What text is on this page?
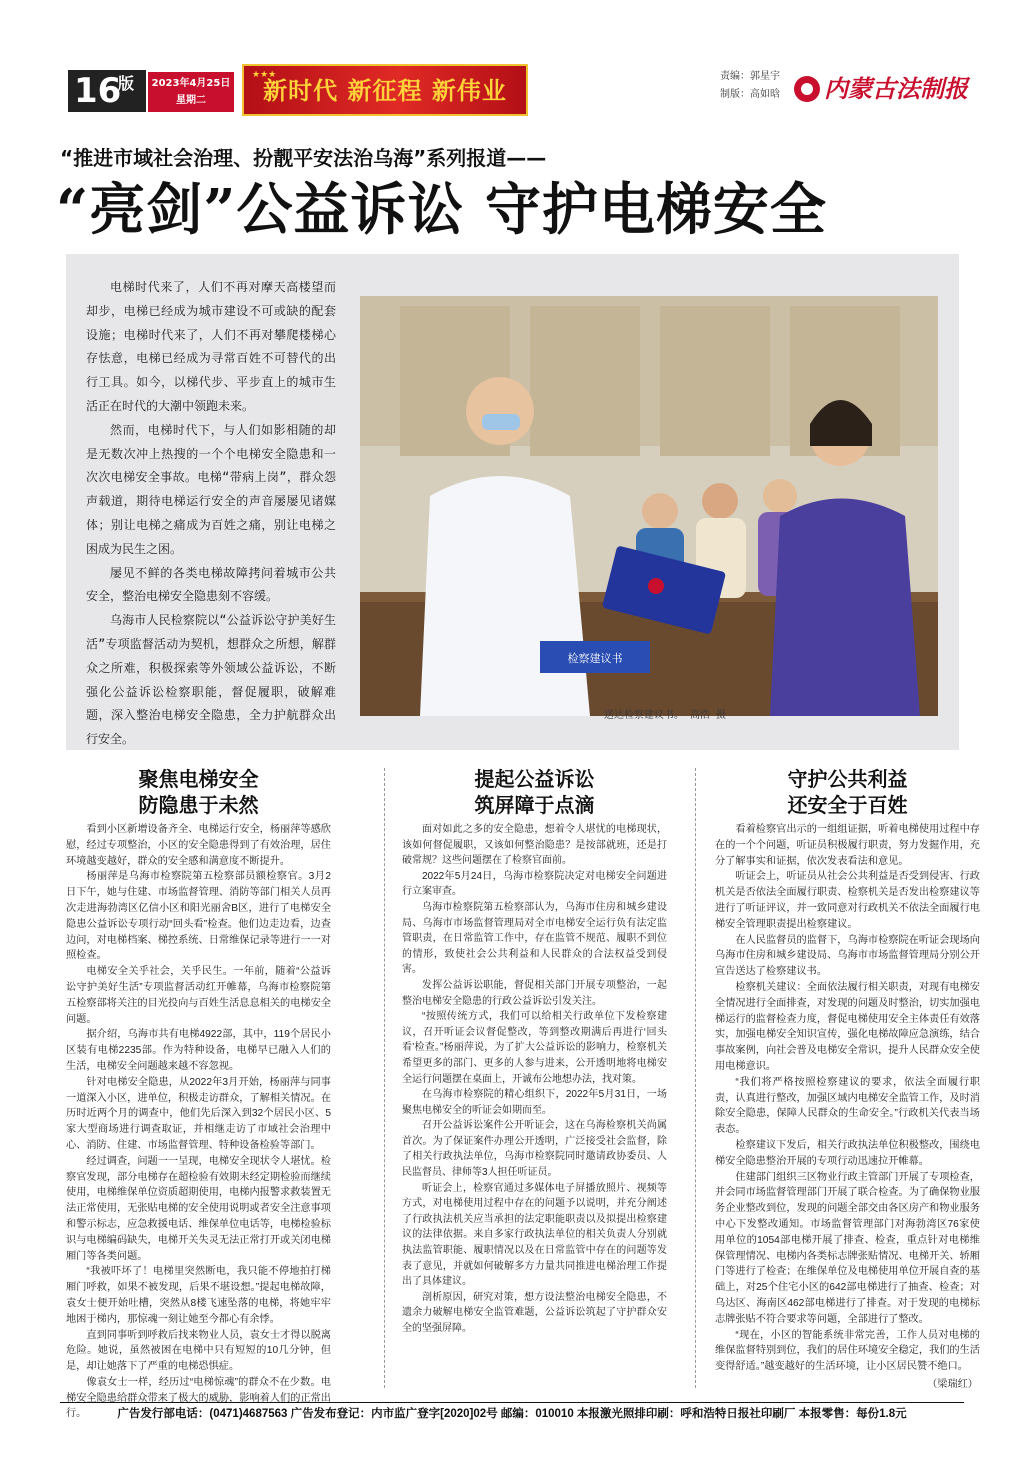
16
版	2023年4月25日
星期二
★★★
新时代 新征程 新伟业	责编：郭星宇
制版：高如晗 内蒙古法制报
“推进市域社会治理、扮靓平安法治乌海”系列报道——
“亮剑”公益诉讼 守护电梯安全

电梯时代来了，人们不再对摩天高楼望而却步，电梯已经成为城市建设不可或缺的配套设施；电梯时代来了，人们不再对攀爬楼梯心存怯意，电梯已经成为寻常百姓不可替代的出行工具。如今，以梯代步、平步直上的城市生活正在时代的大潮中领跑未来。

然而，电梯时代下，与人们如影相随的却是无数次冲上热搜的一个个电梯安全隐患和一次次电梯安全事故。电梯“带病上岗”，群众怨声载道，期待电梯运行安全的声音屡屡见诸媒体；别让电梯之痛成为百姓之痛，别让电梯之困成为民生之困。

屡见不鲜的各类电梯故障拷问着城市公共安全，整治电梯安全隐患刻不容缓。

乌海市人民检察院以“公益诉讼守护美好生活”专项监督活动为契机，想群众之所想，解群众之所难，积极探索等外领域公益诉讼，不断强化公益诉讼检察职能，督促履职，破解难题，深入整治电梯安全隐患，全力护航群众出行安全。

检察建议书
送达检察建议书。 高浩 摄
聚焦电梯安全
防隐患于未然

看到小区新增设备齐全、电梯运行安全，杨丽萍等感欣慰，经过专项整治，小区的安全隐患得到了有效治理，居住环境越变越好，群众的安全感和满意度不断提升。

杨丽萍是乌海市检察院第五检察部员额检察官。3月2日下午，她与住建、市场监督管理、消防等部门相关人员再次走进海勃湾区亿信小区和阳光丽舍B区，进行了电梯安全隐患公益诉讼专项行动“回头看”检查。他们边走边看，边查边问，对电梯档案、梯控系统、日常维保记录等进行一一对照检查。

电梯安全关乎社会，关乎民生。一年前，随着“公益诉讼守护美好生活”专项监督活动红开帷幕，乌海市检察院第五检察部将关注的目光投向与百姓生活息息相关的电梯安全问题。

据介绍，乌海市共有电梯4922部，其中，119个居民小区装有电梯2235部。作为特种设备，电梯早已融入人们的生活，电梯安全问题越来越不容忽视。

针对电梯安全隐患，从2022年3月开始，杨丽萍与同事一道深入小区，进单位，积极走访群众，了解相关情况。在历时近两个月的调查中，他们先后深入到32个居民小区、5家大型商场进行调查取证，并相继走访了市域社会治理中心、消防、住建、市场监督管理、特种设备检验等部门。

经过调查，问题一一呈现，电梯安全现状令人堪忧。检察官发现，部分电梯存在超检验有效期未经定期检验而继续使用，电梯维保单位资质超期使用，电梯内报警求救装置无法正常使用，无张贴电梯的安全使用说明或者安全注意事项和警示标志，应急救援电话、维保单位电话等，电梯检验标识与电梯编码缺失，电梯开关失灵无法正常打开或关闭电梯厢门等各类问题。

“我被吓坏了！电梯里突然断电，我只能不停地拍打梯厢门呼救，如果不被发现，后果不堪设想。”提起电梯故障，袁女士便开始吐槽，突然从8楼飞速坠落的电梯，将她牢牢地困于梯内，那惊魂一刻让她至今都心有余悸。

直到同事听到呼救后找来物业人员，袁女士才得以脱离危险。她说，虽然被困在电梯中只有短短的10几分钟，但是，却让她落下了严重的电梯恐惧症。

像袁女士一样，经历过“电梯惊魂”的群众不在少数。电梯安全隐患给群众带来了极大的威胁，影响着人们的正常出行。

提起公益诉讼
筑屏障于点滴

面对如此之多的安全隐患，想着令人堪忧的电梯现状，该如何督促履职，又该如何整治隐患？是按部就班，还是打破常规？这些问题摆在了检察官面前。

2022年5月24日，乌海市检察院决定对电梯安全问题进行立案审查。

乌海市检察院第五检察部认为，乌海市住房和城乡建设局、乌海市市场监督管理局对全市电梯安全运行负有法定监管职责，在日常监管工作中，存在监管不规范、履职不到位的情形，致使社会公共利益和人民群众的合法权益受到侵害。

发挥公益诉讼职能，督促相关部门开展专项整治，一起整治电梯安全隐患的行政公益诉讼引发关注。

“按照传统方式，我们可以给相关行政单位下发检察建议，召开听证会议督促整改，等到整改期满后再进行‘回头看’检查。”杨丽萍说，为了扩大公益诉讼的影响力，检察机关希望更多的部门、更多的人参与进来，公开透明地将电梯安全运行问题摆在桌面上，开诚布公地想办法，找对策。

在乌海市检察院的精心组织下，2022年5月31日，一场聚焦电梯安全的听证会如期而至。

召开公益诉讼案件公开听证会，这在乌海检察机关尚属首次。为了保证案件办理公开透明，广泛接受社会监督，除了相关行政执法单位，乌海市检察院同时邀请政协委员、人民监督员、律师等3人担任听证员。

听证会上，检察官通过多媒体电子屏播放照片、视频等方式，对电梯使用过程中存在的问题予以说明，并充分阐述了行政执法机关应当承担的法定职能职责以及拟提出检察建议的法律依据。来自多家行政执法单位的相关负责人分别就执法监管职能、履职情况以及在日常监管中存在的问题等发表了意见，并就如何破解多方力量共同推进电梯治理工作提出了具体建议。

剖析原因，研究对策，想方设法整治电梯安全隐患，不遗余力破解电梯安全监管难题，公益诉讼筑起了守护群众安全的坚强屏障。

守护公共利益
还安全于百姓

看着检察官出示的一组组证据，听着电梯使用过程中存在的一个个问题，听证员积极履行职责，努力发掘作用，充分了解事实和证据，依次发表看法和意见。

听证会上，听证员从社会公共利益是否受到侵害、行政机关是否依法全面履行职责、检察机关是否发出检察建议等进行了听证评议，并一致同意对行政机关不依法全面履行电梯安全管理职责提出检察建议。

在人民监督员的监督下，乌海市检察院在听证会现场向乌海市住房和城乡建设局、乌海市市场监督管理局分别公开宣告送达了检察建议书。

检察机关建议：全面依法履行相关职责，对现有电梯安全情况进行全面排查，对发现的问题及时整治，切实加强电梯运行的监督检查力度，督促电梯使用安全主体责任有效落实，加强电梯安全知识宣传，强化电梯故障应急演练，结合事故案例，向社会普及电梯安全常识，提升人民群众安全使用电梯意识。

“我们将严格按照检察建议的要求，依法全面履行职责，认真进行整改，加强区域内电梯安全监管工作，及时消除安全隐患，保障人民群众的生命安全。”行政机关代表当场表态。

检察建议下发后，相关行政执法单位积极整改，围绕电梯安全隐患整治开展的专项行动迅速拉开帷幕。

住建部门组织三区物业行政主管部门开展了专项检查，并会同市场监督管理部门开展了联合检查。为了确保物业服务企业整改到位，发现的问题全部交由各区房产和物业服务中心下发整改通知。市场监督管理部门对海勃湾区76家使用单位的1054部电梯开展了排查、检查，重点针对电梯维保管理情况、电梯内各类标志牌张贴情况、电梯开关、轿厢门等进行了检查；在维保单位及电梯使用单位开展自查的基础上，对25个住宅小区的642部电梯进行了抽查、检查；对乌达区、海南区462部电梯进行了排查。对于发现的电梯标志牌张贴不符合要求等问题，全部进行了整改。

“现在，小区的智能系统非常完善，工作人员对电梯的维保监督特别到位，我们的居住环境安全稳定，我们的生活变得舒适。”越变越好的生活环境，让小区居民赞不绝口。

（梁瑞红）
广告发行部电话：(0471)4687563 广告发布登记：内市监广登字[2020]02号 邮编：010010 本报激光照排印刷：呼和浩特日报社印刷厂 本报零售：每份1.8元
